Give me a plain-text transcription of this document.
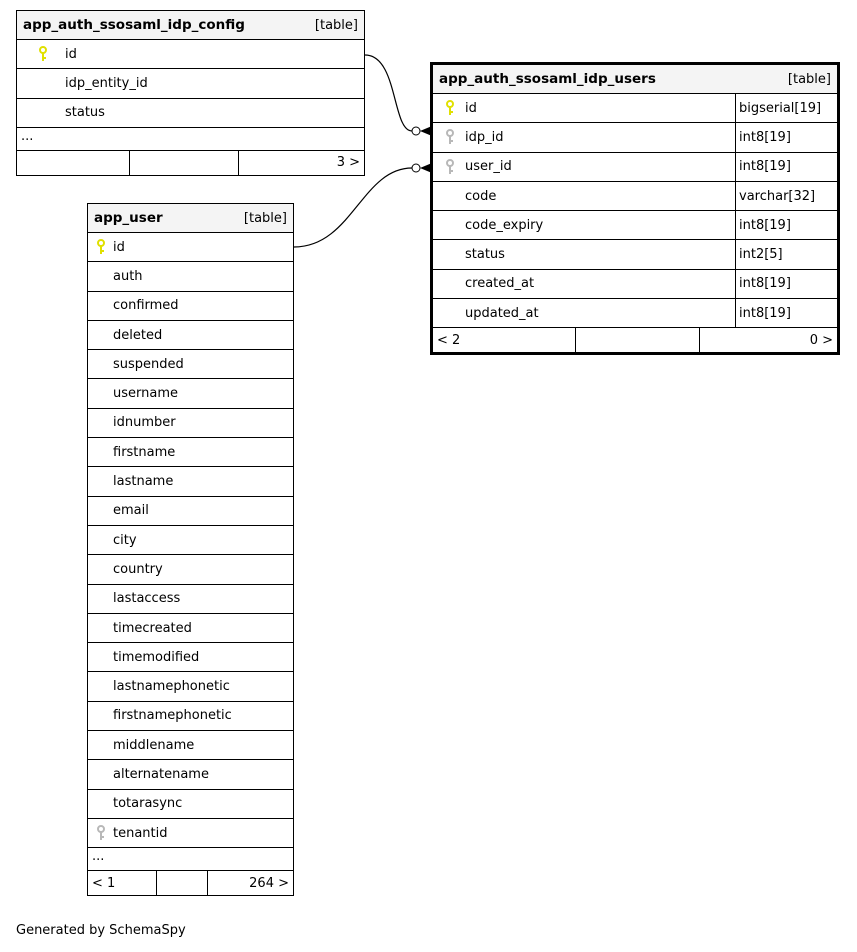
app_auth_ssosaml_idp_config	[table]
id
idp_entity_id
status
...
3 >
app_auth_ssosaml_idp_users	[table]
id	bigserial[19]
idp_id	int8[19]
user_id	int8[19]
code	varchar[32]
code_expiry	int8[19]
status	int2[5]
created_at	int8[19]
updated_at	int8[19]
< 2	0 >
app_user	[table]
id
auth
confirmed
deleted
suspended
username
idnumber
firstname
lastname
email
city
country
lastaccess
timecreated
timemodified
lastnamephonetic
firstnamephonetic
middlename
alternatename
totarasync
tenantid
...
< 1	264 >
Generated by SchemaSpy
